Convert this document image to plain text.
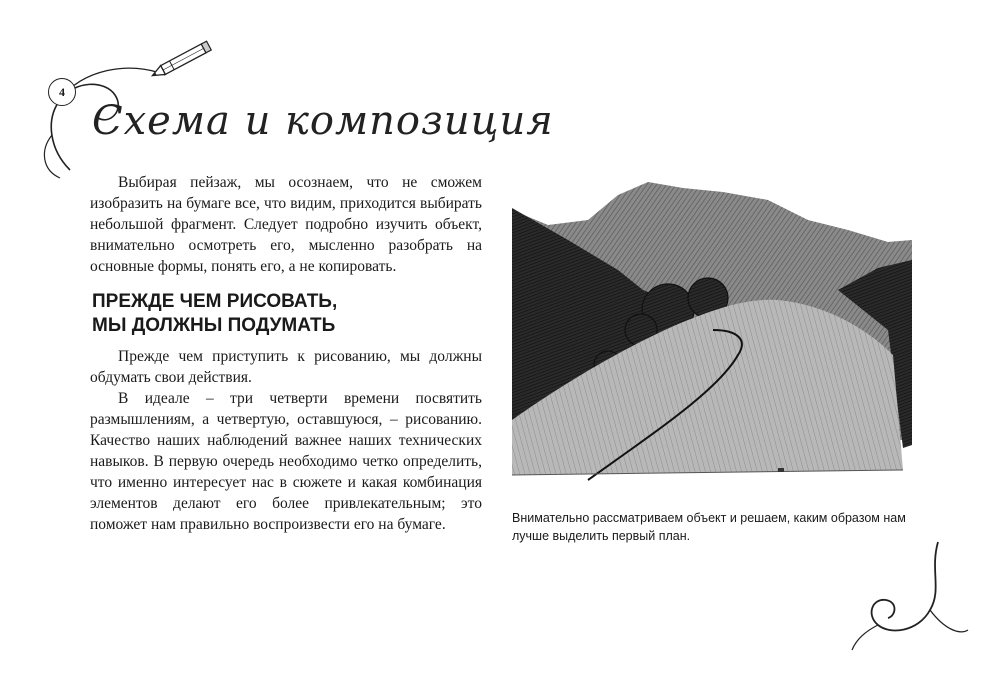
4
Схема и композиция

Выбирая пейзаж, мы осознаем, что не сможем изобразить на бумаге все, что видим, приходится выбирать небольшой фрагмент. Следует подробно изучить объект, внимательно осмотреть его, мысленно разобрать на основные формы, понять его, а не копировать.

ПРЕЖДЕ ЧЕМ РИСОВАТЬ,
МЫ ДОЛЖНЫ ПОДУМАТЬ

Прежде чем приступить к рисованию, мы должны обдумать свои действия.

В идеале – три четверти времени посвятить размышлениям, а четвертую, оставшуюся, – рисованию. Качество наших наблюдений важнее наших технических навыков. В первую очередь необходимо четко определить, что именно интересует нас в сюжете и какая комбинация элементов делают его более привлекательным; это поможет нам правильно воспроизвести его на бумаге.	Внимательно рассматриваем объект и решаем, каким образом нам лучше выделить первый план.
